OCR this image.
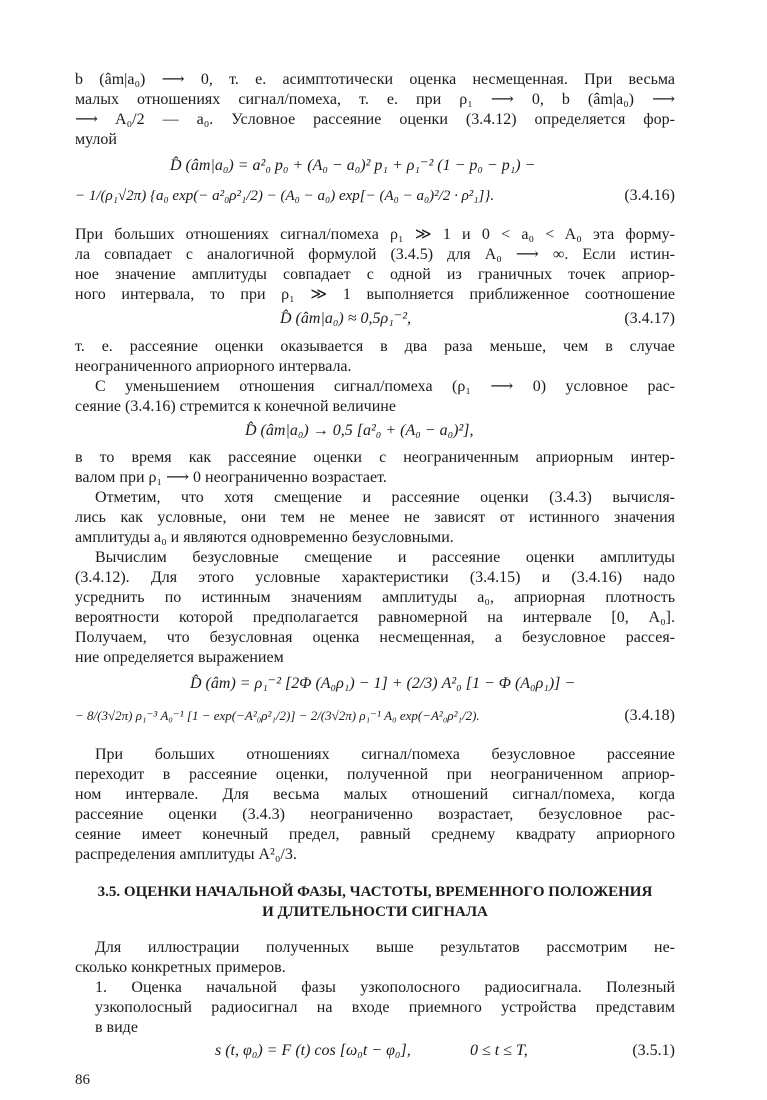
b (âm|a₀) ⟶ 0, т. е. асимптотически оценка несмещенная. При весьма

малых отношениях сигнал/помеха, т. е. при ρ₁ ⟶ 0, b (âm|a₀) ⟶

⟶ A₀/2 — a₀. Условное рассеяние оценки (3.4.12) определяется фор-

мулой

D̂ (âm|a₀) = a²₀ p₀ + (A₀ − a₀)² p₁ + ρ₁⁻² (1 − p₀ − p₁) −
− 1/(ρ₁√2π) {a₀ exp(− a²₀ρ²₁/2) − (A₀ − a₀) exp[− (A₀ − a₀)²/2 · ρ²₁]}.	(3.4.16)

При больших отношениях сигнал/помеха ρ₁ ≫ 1 и 0 < a₀ < A₀ эта форму-

ла совпадает с аналогичной формулой (3.4.5) для A₀ ⟶ ∞. Если истин-

ное значение амплитуды совпадает с одной из граничных точек априор-

ного интервала, то при ρ₁ ≫ 1 выполняется приближенное соотношение

D̂ (âm|a₀) ≈ 0,5ρ₁⁻²,	(3.4.17)

т. е. рассеяние оценки оказывается в два раза меньше, чем в случае

неограниченного априорного интервала.

С уменьшением отношения сигнал/помеха (ρ₁ ⟶ 0) условное рас-

сеяние (3.4.16) стремится к конечной величине

D̂ (âm|a₀) → 0,5 [a²₀ + (A₀ − a₀)²],

в то время как рассеяние оценки с неограниченным априорным интер-

валом при ρ₁ ⟶ 0 неограниченно возрастает.

Отметим, что хотя смещение и рассеяние оценки (3.4.3) вычисля-

лись как условные, они тем не менее не зависят от истинного значения

амплитуды a₀ и являются одновременно безусловными.

Вычислим безусловные смещение и рассеяние оценки амплитуды

(3.4.12). Для этого условные характеристики (3.4.15) и (3.4.16) надо

усреднить по истинным значениям амплитуды a₀, априорная плотность

вероятности которой предполагается равномерной на интервале [0, A₀].

Получаем, что безусловная оценка несмещенная, а безусловное рассея-

ние определяется выражением

D̂ (âm) = ρ₁⁻² [2Φ (A₀ρ₁) − 1] + (2/3) A²₀ [1 − Φ (A₀ρ₁)] −
− 8/(3√2π) ρ₁⁻³ A₀⁻¹ [1 − exp(−A²₀ρ²₁/2)] − 2/(3√2π) ρ₁⁻¹ A₀ exp(−A²₀ρ²₁/2).	(3.4.18)

При больших отношениях сигнал/помеха безусловное рассеяние

переходит в рассеяние оценки, полученной при неограниченном априор-

ном интервале. Для весьма малых отношений сигнал/помеха, когда

рассеяние оценки (3.4.3) неограниченно возрастает, безусловное рас-

сеяние имеет конечный предел, равный среднему квадрату априорного

распределения амплитуды A²₀/3.

3.5. ОЦЕНКИ НАЧАЛЬНОЙ ФАЗЫ, ЧАСТОТЫ, ВРЕМЕННОГО ПОЛОЖЕНИЯ

И ДЛИТЕЛЬНОСТИ СИГНАЛА

Для иллюстрации полученных выше результатов рассмотрим не-

сколько конкретных примеров.

1. Оценка начальной фазы узкополосного радиосигнала. Полезный

узкополосный радиосигнал на входе приемного устройства представим

в виде

s (t, φ₀) = F (t) cos [ω₀t − φ₀],	0 ≤ t ≤ T,	(3.5.1)
86
